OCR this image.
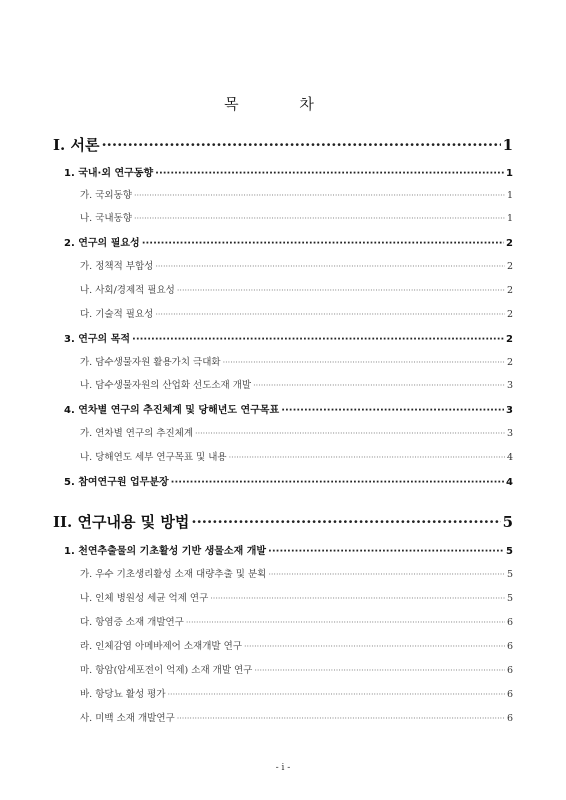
목 차
I. 서론 ·····	1
1. 국내·외 연구동향 ·····	1
가. 국외동향 ·····	1
나. 국내동향 ·····	1
2. 연구의 필요성 ·····	2
가. 정책적 부합성 ·····	2
나. 사회/경제적 필요성 ·····	2
다. 기술적 필요성 ·····	2
3. 연구의 목적 ·····	2
가. 담수생물자원 활용가치 극대화 ·····	2
나. 담수생물자원의 산업화 선도소재 개발 ·····	3
4. 연차별 연구의 추진체계 및 당해년도 연구목표 ·····	3
가. 연차별 연구의 추진체계 ·····	3
나. 당해연도 세부 연구목표 및 내용 ·····	4
5. 참여연구원 업무분장 ·····	4
II. 연구내용 및 방법 ·····	5
1. 천연추출물의 기초활성 기반 생물소재 개발 ·····	5
가. 우수 기초생리활성 소재 대량추출 및 분획 ·····	5
나. 인체 병원성 세균 억제 연구 ·····	5
다. 항염증 소재 개발연구 ·····	6
라. 인체감염 아메바제어 소재개발 연구 ·····	6
마. 항암(암세포전이 억제) 소재 개발 연구 ·····	6
바. 항당뇨 활성 평가 ·····	6
사. 미백 소재 개발연구 ·····	6
- i -
